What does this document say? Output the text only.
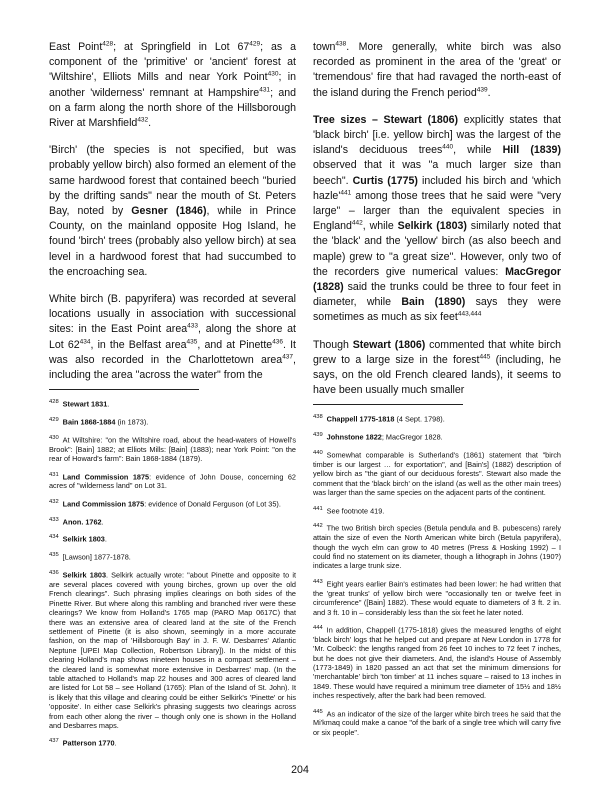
East Point$^{428}$; at Springfield in Lot $67^{429}$; as a component of the 'primitive' or 'ancient' forest at 'Wiltshire', Elliots Mills and near York Point$^{430}$; in another 'wilderness' remnant at Hampshire$^{431}$; and on a farm along the north shore of the Hillsborough River at Marshfield$^{432}$.

'Birch' (the species is not specified, but was probably yellow birch) also formed an element of the same hardwood forest that contained beech "buried by the drifting sands" near the mouth of St. Peters Bay, noted by Gesner (1846), while in Prince County, on the mainland opposite Hog Island, he found 'birch' trees (probably also yellow birch) at sea level in a hardwood forest that had succumbed to the encroaching sea.

White birch (B. papyrifera) was recorded at several locations usually in association with successional sites: in the East Point area$^{433}$, along the shore at Lot $62^{434}$, in the Belfast area$^{435}$, and at Pinette$^{436}$. It was also recorded in the Charlottetown area$^{437}$, including the area "across the water" from the

$^{428}$ Stewart 1831.

$^{429}$ Bain 1868-1884 (in 1873).

$^{430}$ At Wiltshire: "on the Wiltshire road, about the head-waters of Howell's Brook": [Bain] 1882; at Elliots Mills: [Bain] (1883); near York Point: "on the rear of Howard's farm": Bain 1868-1884 (1879).

$^{431}$ Land Commission 1875: evidence of John Douse, concerning 62 acres of "wilderness land" on Lot 31.

$^{432}$ Land Commission 1875: evidence of Donald Ferguson (of Lot 35).

$^{433}$ Anon. 1762.

$^{434}$ Selkirk 1803.

$^{435}$ [Lawson] 1877-1878.

$^{436}$ Selkirk 1803. Selkirk actually wrote: "about Pinette and opposite to it are several places covered with young birches, grown up over the old French clearings". Such phrasing implies clearings on both sides of the Pinette River. But where along this rambling and branched river were these clearings? We know from Holland's 1765 map (PARO Map 0617C) that there was an extensive area of cleared land at the site of the French settlement of Pinette (it is also shown, seemingly in a more accurate fashion, on the map of 'Hillsborough Bay' in J. F. W. Desbarres' Atlantic Neptune [UPEI Map Collection, Robertson Library]). In the midst of this clearing Holland's map shows nineteen houses in a compact settlement – the cleared land is somewhat more extensive in Desbarres' map. (In the table attached to Holland's map 22 houses and 300 acres of cleared land are listed for Lot 58 – see Holland (1765): Plan of the Island of St. John). It is likely that this village and clearing could be either Selkirk's 'Pinette' or his 'opposite'. In either case Selkirk's phrasing suggests two clearings across from each other along the river – though only one is shown in the Holland and Desbarres maps.

$^{437}$ Patterson 1770.

town$^{438}$. More generally, white birch was also recorded as prominent in the area of the 'great' or 'tremendous' fire that had ravaged the north-east of the island during the French period$^{439}$.

Tree sizes – Stewart (1806) explicitly states that 'black birch' [i.e. yellow birch] was the largest of the island's deciduous trees$^{440}$, while Hill (1839) observed that it was "a much larger size than beech". Curtis (1775) included his birch and 'which $hazle'^{441}$ among those trees that he said were "very large" – larger than the equivalent species in England$^{442}$, while Selkirk (1803) similarly noted that the 'black' and the 'yellow' birch (as also beech and maple) grew to "a great size". However, only two of the recorders give numerical values: MacGregor (1828) said the trunks could be three to four feet in diameter, while Bain (1890) says they were sometimes as much as six feet$^{443,444}$

Though Stewart (1806) commented that white birch grew to a large size in the forest$^{445}$ (including, he says, on the old French cleared lands), it seems to have been usually much smaller

$^{438}$ Chappell 1775-1818 (4 Sept. 1798).

$^{439}$ Johnstone 1822; MacGregor 1828.

$^{440}$ Somewhat comparable is Sutherland's (1861) statement that "birch timber is our largest … for exportation", and [Bain's] (1882) description of yellow birch as "the giant of our deciduous forests". Stewart also made the comment that the 'black birch' on the island (as well as the other main trees) was larger than the same species on the adjacent parts of the continent.

$^{441}$ See footnote 419.

$^{442}$ The two British birch species (Betula pendula and B. pubescens) rarely attain the size of even the North American white birch (Betula papyrifera), though the wych elm can grow to 40 metres (Press & Hosking 1992) – I could find no statement on its diameter, though a lithograph in Johns (190?) indicates a large trunk size.

$^{443}$ Eight years earlier Bain's estimates had been lower: he had written that the 'great trunks' of yellow birch were "occasionally ten or twelve feet in circumference" ([Bain] 1882). These would equate to diameters of 3 ft. 2 in. and 3 ft. 10 in – considerably less than the six feet he later noted.

$^{444}$ In addition, Chappell (1775-1818) gives the measured lengths of eight 'black birch' logs that he helped cut and prepare at New London in 1778 for 'Mr. Colbeck': the lengths ranged from 26 feet 10 inches to 72 feet 7 inches, but he does not give their diameters. And, the island's House of Assembly (1773-1849) in 1820 passed an act that set the minimum dimensions for 'merchantable' birch 'ton timber' at 11 inches square – raised to 13 inches in 1849. These would have required a minimum tree diameter of 15½ and 18½ inches respectively, after the bark had been removed.

$^{445}$ As an indicator of the size of the larger white birch trees he said that the Mi'kmaq could make a canoe "of the bark of a single tree which will carry five or six people".

204
